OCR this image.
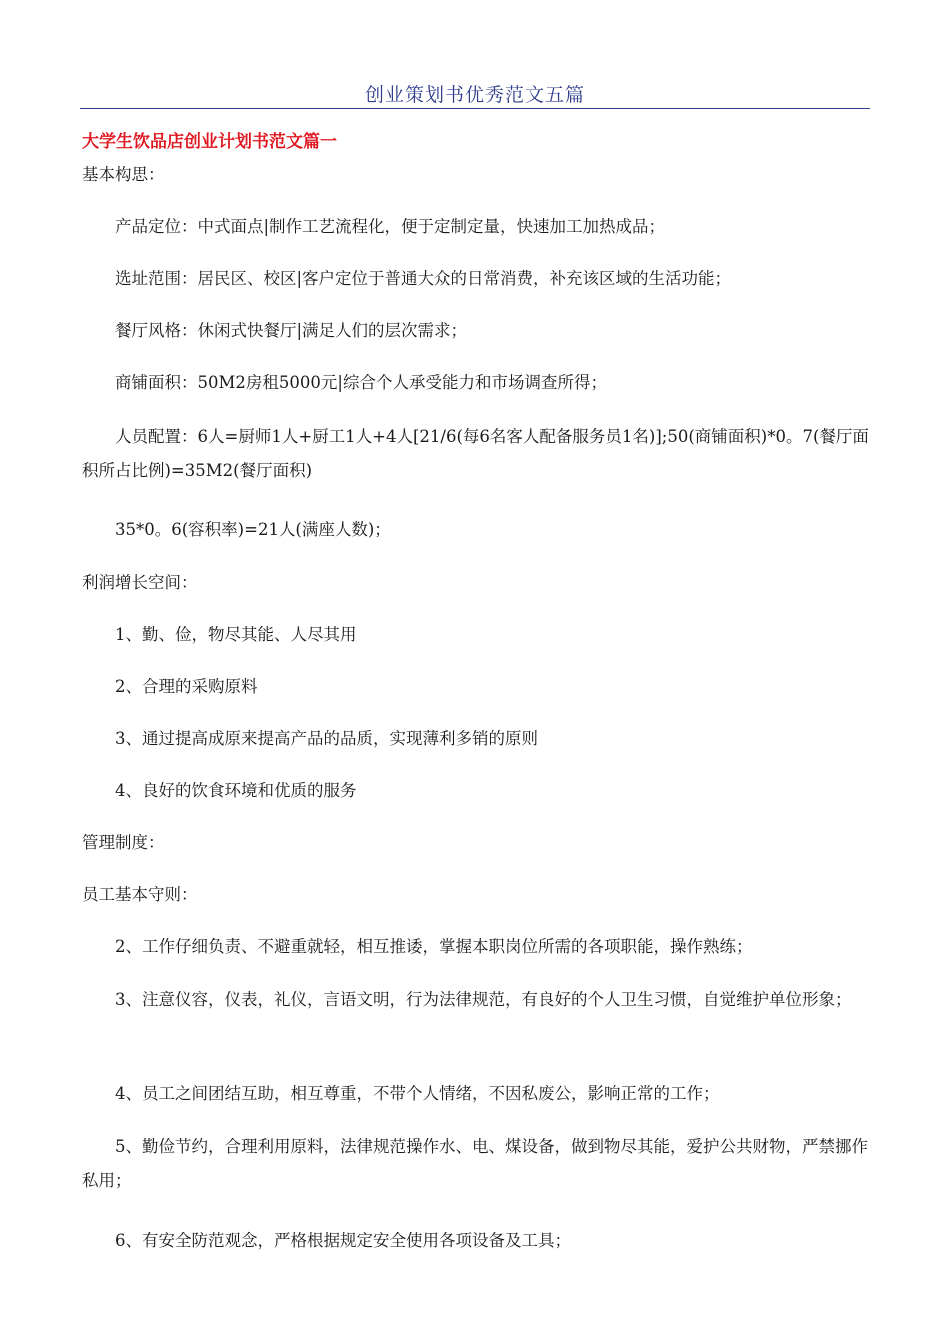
创业策划书优秀范文五篇
大学生饮品店创业计划书范文篇一
基本构思：
产品定位：中式面点|制作工艺流程化，便于定制定量，快速加工加热成品；
选址范围：居民区、校区|客户定位于普通大众的日常消费，补充该区域的生活功能；
餐厅风格：休闲式快餐厅|满足人们的层次需求；
商铺面积：50M2房租5000元|综合个人承受能力和市场调查所得；
人员配置：6人=厨师1人+厨工1人+4人[21/6(每6名客人配备服务员1名)];50(商铺面积)*0。7(餐厅面积所占比例)=35M2(餐厅面积)
35*0。6(容积率)=21人(满座人数)；
利润增长空间：
1、勤、俭，物尽其能、人尽其用
2、合理的采购原料
3、通过提高成原来提高产品的品质，实现薄利多销的原则
4、良好的饮食环境和优质的服务
管理制度：
员工基本守则：
2、工作仔细负责、不避重就轻，相互推诿，掌握本职岗位所需的各项职能，操作熟练；
3、注意仪容，仪表，礼仪，言语文明，行为法律规范，有良好的个人卫生习惯，自觉维护单位形象；
4、员工之间团结互助，相互尊重，不带个人情绪，不因私废公，影响正常的工作；
5、勤俭节约，合理利用原料，法律规范操作水、电、煤设备，做到物尽其能，爱护公共财物，严禁挪作私用；
6、有安全防范观念，严格根据规定安全使用各项设备及工具；
